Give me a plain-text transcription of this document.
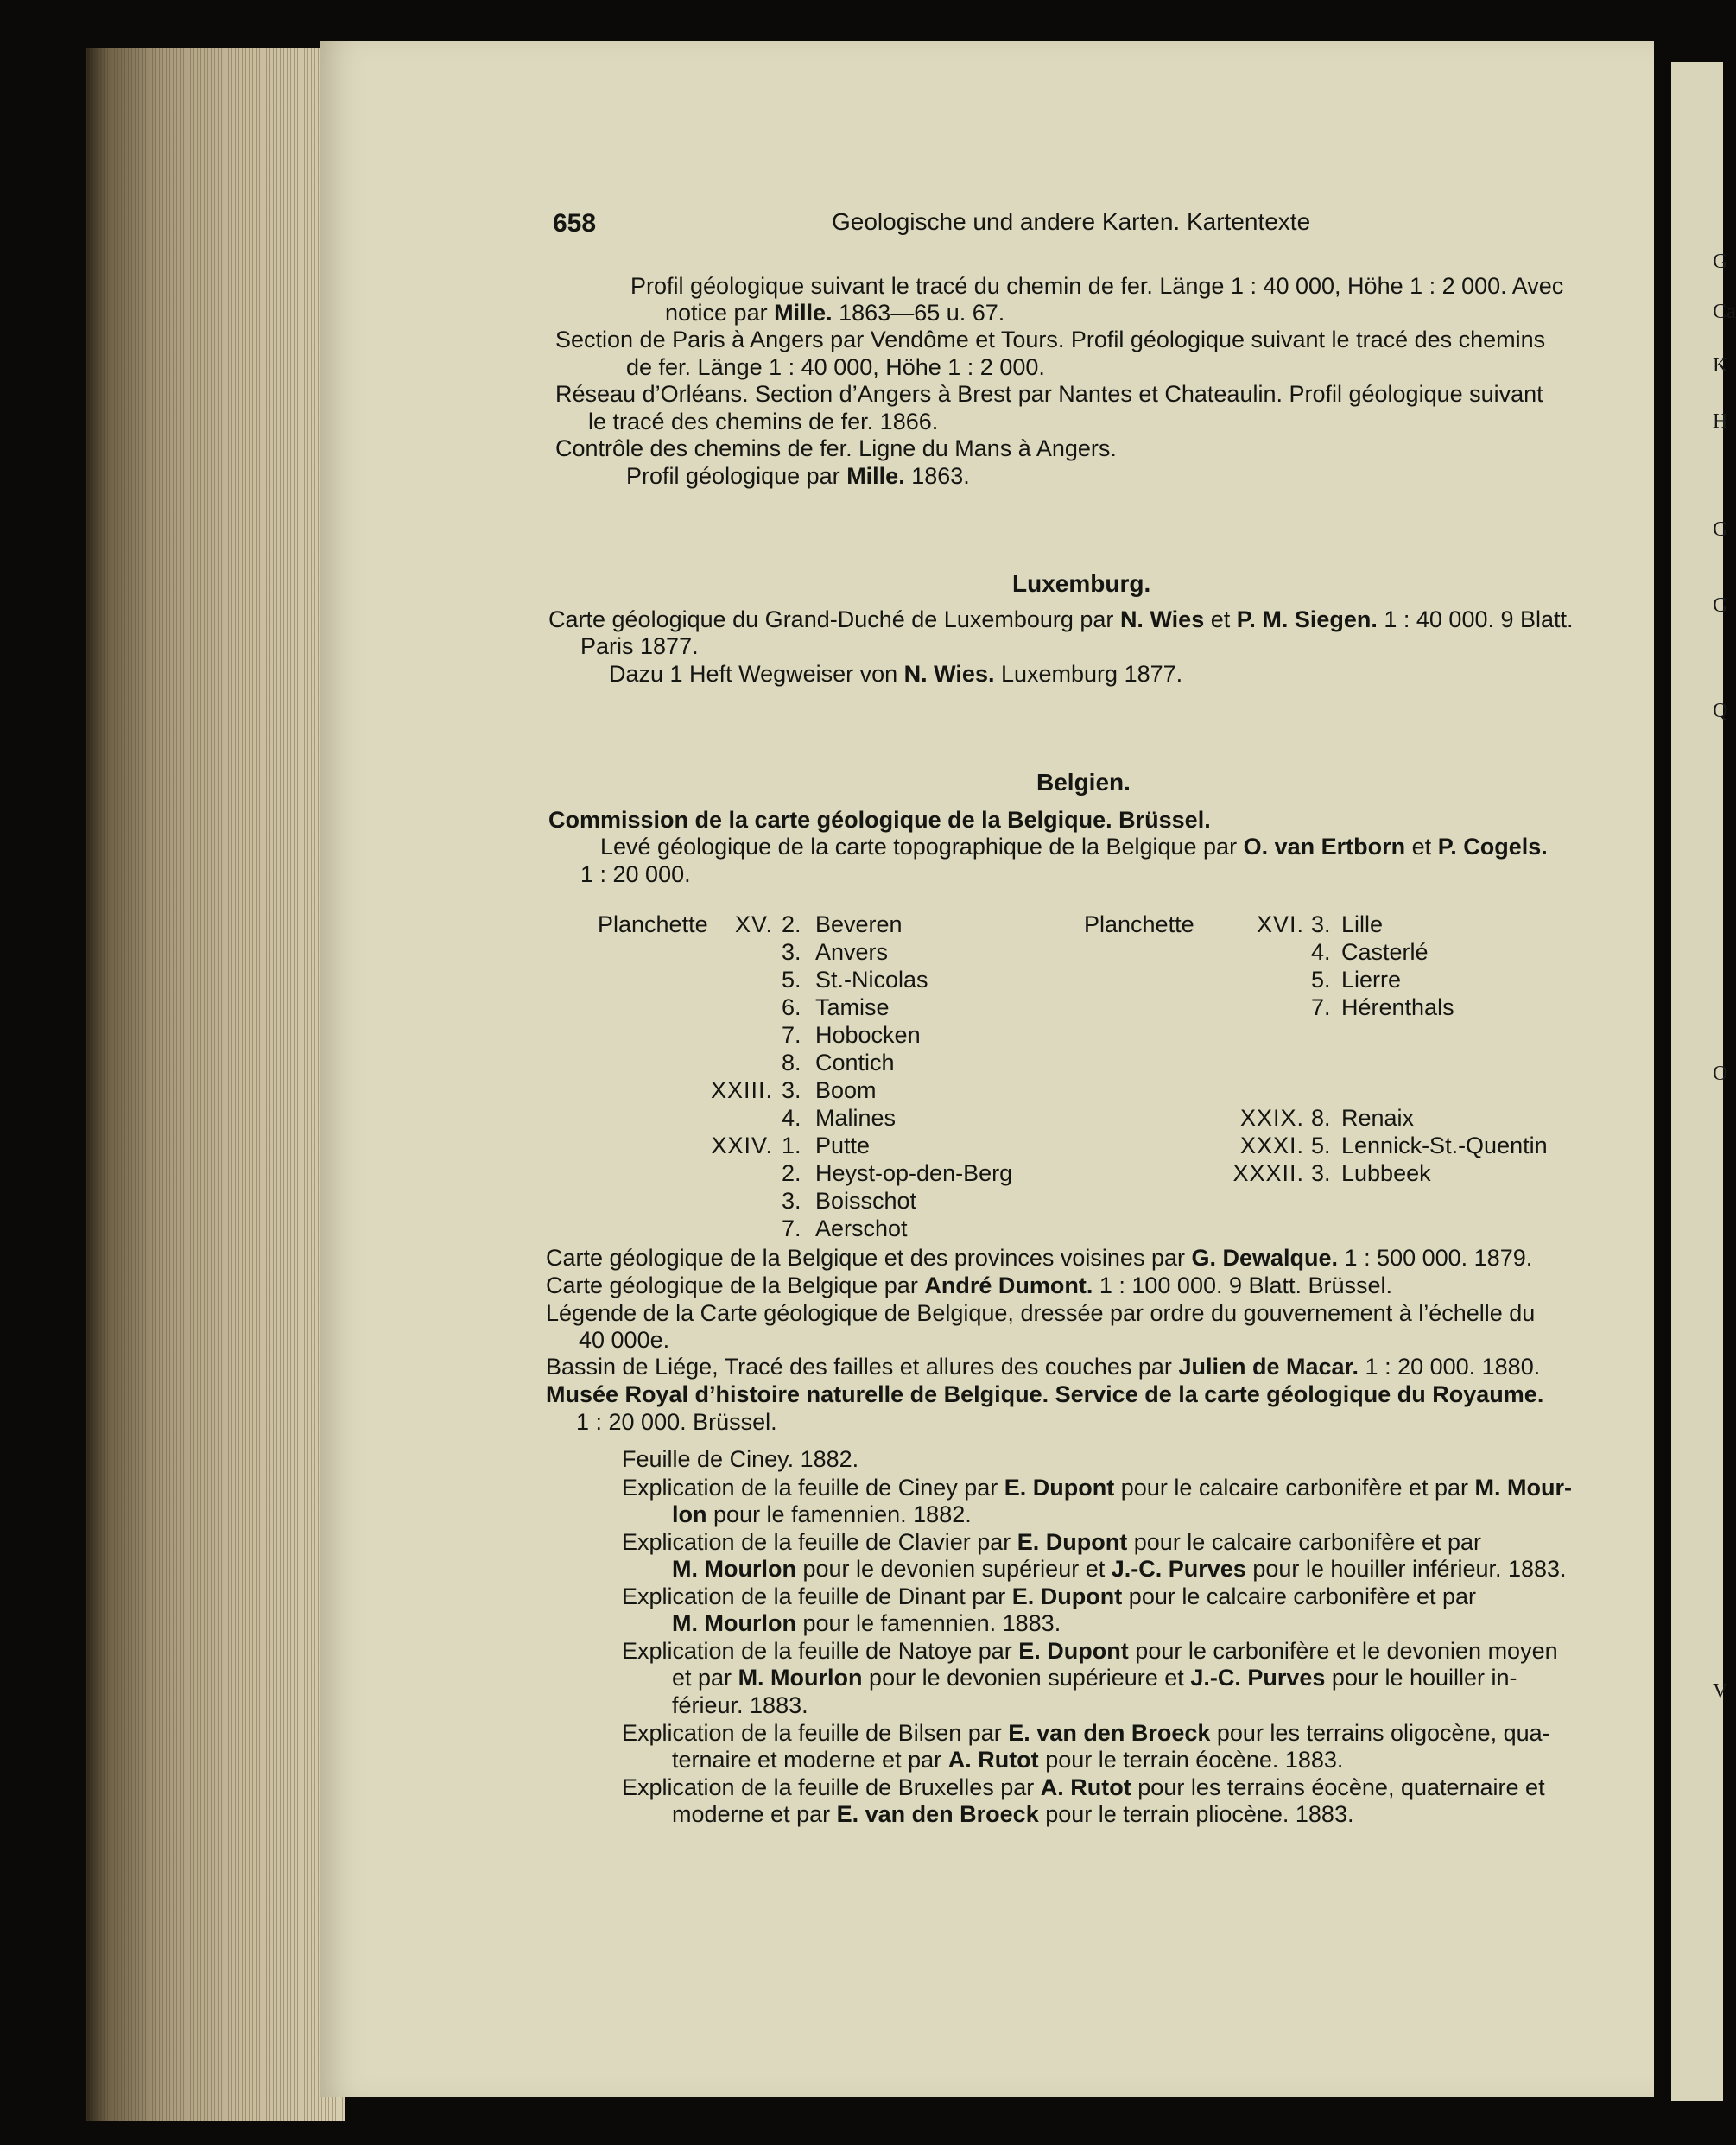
658	Geologische und andere Karten. Kartentexte
Profil géologique suivant le tracé du chemin de fer. Länge 1 : 40 000, Höhe 1 : 2 000. Avec
notice par Mille. 1863—65 u. 67.
Section de Paris à Angers par Vendôme et Tours. Profil géologique suivant le tracé des chemins
de fer. Länge 1 : 40 000, Höhe 1 : 2 000.
Réseau d’Orléans. Section d’Angers à Brest par Nantes et Chateaulin. Profil géologique suivant
le tracé des chemins de fer. 1866.
Contrôle des chemins de fer. Ligne du Mans à Angers.
Profil géologique par Mille. 1863.
Luxemburg.
Carte géologique du Grand-Duché de Luxembourg par N. Wies et P. M. Siegen. 1 : 40 000. 9 Blatt.
Paris 1877.
Dazu 1 Heft Wegweiser von N. Wies. Luxemburg 1877.
Belgien.
Commission de la carte géologique de la Belgique. Brüssel.
Levé géologique de la carte topographique de la Belgique par O. van Ertborn et P. Cogels.
1 : 20 000.
Planchette	Planchette
XV. 2. Beveren
3. Anvers
5. St.-Nicolas
6. Tamise
7. Hobocken
8. Contich
XXIII. 3. Boom
4. Malines
XXIV. 1. Putte
2. Heyst-op-den-Berg
3. Boisschot
7. Aerschot
XVI. 3. Lille
4. Casterlé
5. Lierre
7. Hérenthals
XXIX. 8. Renaix
XXXI. 5. Lennick-St.-Quentin
XXXII. 3. Lubbeek
Carte géologique de la Belgique et des provinces voisines par G. Dewalque. 1 : 500 000. 1879.
Carte géologique de la Belgique par André Dumont. 1 : 100 000. 9 Blatt. Brüssel.
Légende de la Carte géologique de Belgique, dressée par ordre du gouvernement à l’échelle du
40 000e.
Bassin de Liége, Tracé des failles et allures des couches par Julien de Macar. 1 : 20 000. 1880.
Musée Royal d’histoire naturelle de Belgique. Service de la carte géologique du Royaume.
1 : 20 000. Brüssel.
Feuille de Ciney. 1882.
Explication de la feuille de Ciney par E. Dupont pour le calcaire carbonifère et par M. Mour-
lon pour le famennien. 1882.
Explication de la feuille de Clavier par E. Dupont pour le calcaire carbonifère et par
M. Mourlon pour le devonien supérieur et J.-C. Purves pour le houiller inférieur. 1883.
Explication de la feuille de Dinant par E. Dupont pour le calcaire carbonifère et par
M. Mourlon pour le famennien. 1883.
Explication de la feuille de Natoye par E. Dupont pour le carbonifère et le devonien moyen
et par M. Mourlon pour le devonien supérieure et J.-C. Purves pour le houiller in-
férieur. 1883.
Explication de la feuille de Bilsen par E. van den Broeck pour les terrains oligocène, qua-
ternaire et moderne et par A. Rutot pour le terrain éocène. 1883.
Explication de la feuille de Bruxelles par A. Rutot pour les terrains éocène, quaternaire et
moderne et par E. van den Broeck pour le terrain pliocène. 1883.
G
Ca
K
H
G
G
Q
O
V
